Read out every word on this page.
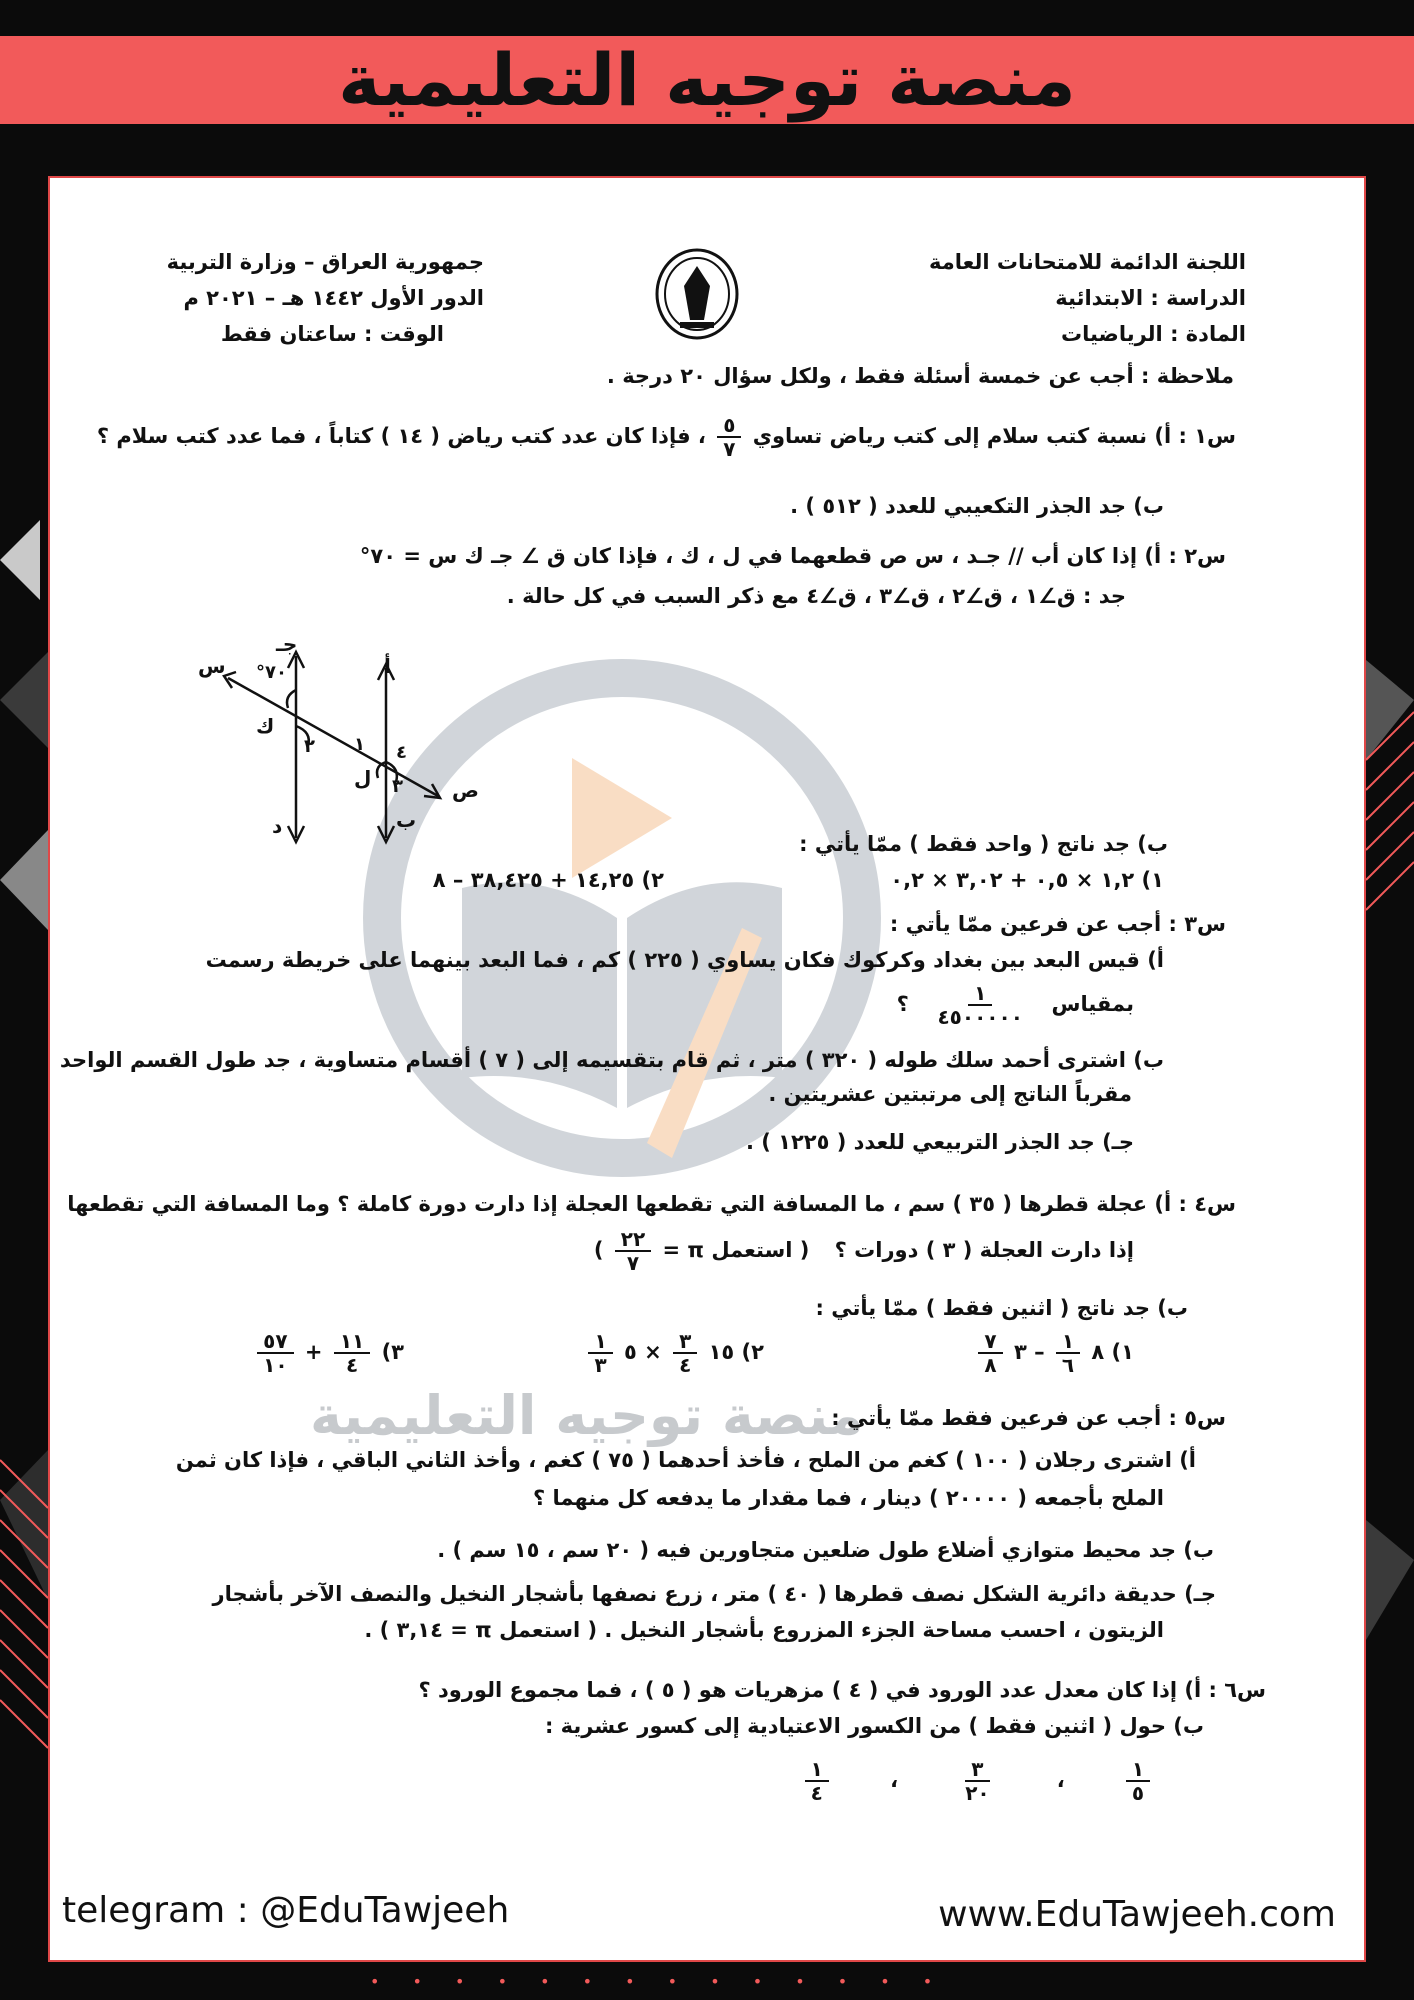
منصة توجيه التعليمية
اللجنة الدائمة للامتحانات العامة
الدراسة : الابتدائية
المادة : الرياضيات
جمهورية العراق – وزارة التربية
الدور الأول ١٤٤٢ هـ – ٢٠٢١ م
الوقت : ساعتان فقط
ملاحظة : أجب عن خمسة أسئلة فقط ، ولكل سؤال ٢٠ درجة .
س١ : أ) نسبة كتب سلام إلى كتب رياض تساوي
$\frac{٥}{٧}$
، فإذا كان عدد كتب رياض ( ١٤ ) كتاباً ، فما عدد كتب سلام ؟
ب) جد الجذر التكعيبي للعدد ( ٥١٢ ) .
س٢ : أ) إذا كان أب // جـد ، س ص قطعهما في ل ، ك ، فإذا كان ق ∠ جـ ك س = ٧٠°
جد : ق∠١ ، ق∠٢ ، ق∠٣ ، ق∠٤ مع ذكر السبب في كل حالة .
جـ
أ
س ٧٠°
ك
٢ ١ ٤
ل ٣ ص
د	ب
ب) جد ناتج ( واحد فقط ) ممّا يأتي :
١) ١,٢ × ٠,٥ + ٣,٠٢ × ٠,٢
٢) ١٤,٢٥ + ٣٨,٤٢٥ – ٨
س٣ : أجب عن فرعين ممّا يأتي :
أ) قيس البعد بين بغداد وكركوك فكان يساوي ( ٢٢٥ ) كم ، فما البعد بينهما على خريطة رسمت
بمقياس
$\frac{١}{٤٥٠٠٠٠٠}$
؟
ب) اشترى أحمد سلك طوله ( ٣٢٠ ) متر ، ثم قام بتقسيمه إلى ( ٧ ) أقسام متساوية ، جد طول القسم الواحد
مقرباً الناتج إلى مرتبتين عشريتين .
جـ) جد الجذر التربيعي للعدد ( ١٢٢٥ ) .
س٤ : أ) عجلة قطرها ( ٣٥ ) سم ، ما المسافة التي تقطعها العجلة إذا دارت دورة كاملة ؟ وما المسافة التي تقطعها
إذا دارت العجلة ( ٣ ) دورات ؟ ( استعمل π =
$\frac{٢٢}{٧}$
)
ب) جد ناتج ( اثنين فقط ) ممّا يأتي :
١) ٨
$\frac{١}{٦}$
– ٣
$\frac{٧}{٨}$
٢) ١٥
$\frac{٣}{٤}$
× ٥
$\frac{١}{٣}$
٣)
$\frac{١١}{٤}$
+
$\frac{٥٧}{١٠}$
منصة توجيه التعليمية
س٥ : أجب عن فرعين فقط ممّا يأتي :
أ) اشترى رجلان ( ١٠٠ ) كغم من الملح ، فأخذ أحدهما ( ٧٥ ) كغم ، وأخذ الثاني الباقي ، فإذا كان ثمن
الملح بأجمعه ( ٢٠٠٠٠ ) دينار ، فما مقدار ما يدفعه كل منهما ؟
ب) جد محيط متوازي أضلاع طول ضلعين متجاورين فيه ( ٢٠ سم ، ١٥ سم ) .
جـ) حديقة دائرية الشكل نصف قطرها ( ٤٠ ) متر ، زرع نصفها بأشجار النخيل والنصف الآخر بأشجار
الزيتون ، احسب مساحة الجزء المزروع بأشجار النخيل . ( استعمل π = ٣,١٤ ) .
س٦ : أ) إذا كان معدل عدد الورود في ( ٤ ) مزهريات هو ( ٥ ) ، فما مجموع الورود ؟
ب) حول ( اثنين فقط ) من الكسور الاعتيادية إلى كسور عشرية :
$\frac{١}{٥}$
،
$\frac{٣}{٢٠}$
،
$\frac{١}{٤}$
telegram : @EduTawjeeh	www.EduTawjeeh.com
• • • • • • • • • • • • • •
